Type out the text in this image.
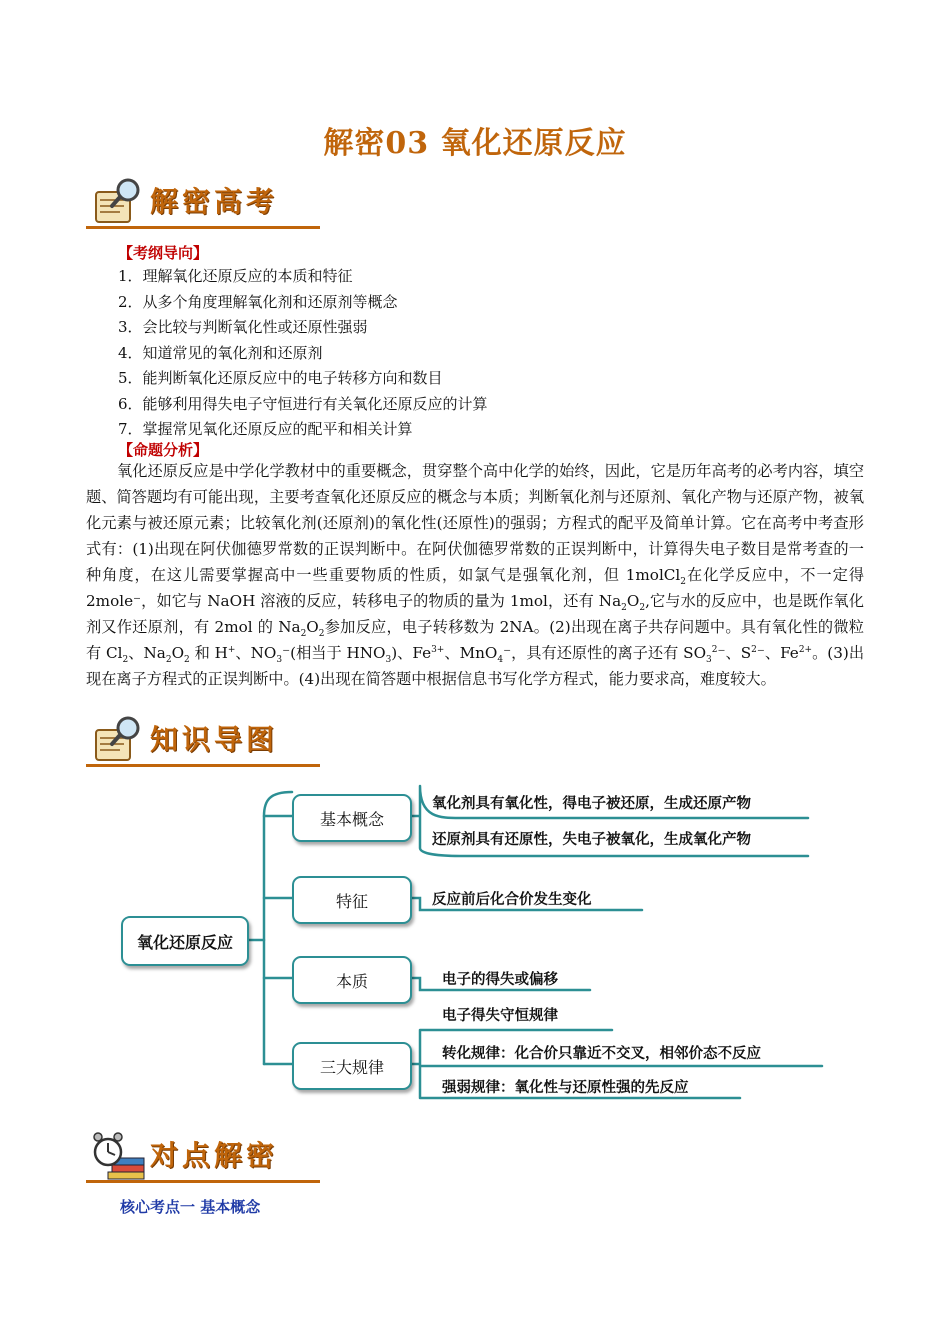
解密03 氧化还原反应
解密高考
【考纲导向】
1．理解氧化还原反应的本质和特征
2．从多个角度理解氧化剂和还原剂等概念
3．会比较与判断氧化性或还原性强弱
4．知道常见的氧化剂和还原剂
5．能判断氧化还原反应中的电子转移方向和数目
6．能够利用得失电子守恒进行有关氧化还原反应的计算
7．掌握常见氧化还原反应的配平和相关计算
【命题分析】

氧化还原反应是中学化学教材中的重要概念，贯穿整个高中化学的始终，因此，它是历年高考的必考内容，填空题、简答题均有可能出现，主要考查氧化还原反应的概念与本质；判断氧化剂与还原剂、氧化产物与还原产物，被氧化元素与被还原元素；比较氧化剂(还原剂)的氧化性(还原性)的强弱；方程式的配平及简单计算。它在高考中考查形式有：(1)出现在阿伏伽德罗常数的正误判断中。在阿伏伽德罗常数的正误判断中，计算得失电子数目是常考查的一种角度，在这儿需要掌握高中一些重要物质的性质，如氯气是强氧化剂，但 1molCl$_2$在化学反应中，不一定得 2mole⁻，如它与 NaOH 溶液的反应，转移电子的物质的量为 1mol，还有 $Na_2O_2$,它与水的反应中，也是既作氧化剂又作还原剂，有 2mol 的 $Na_2O_2$参加反应，电子转移数为 2NA。(2)出现在离子共存问题中。具有氧化性的微粒有 $Cl_2$、$Na_2O_2$ 和 H+、$NO_3^-$(相当于 $HNO_3$)、$Fe^{3+}$、MnO$_4$⁻，具有还原性的离子还有 $SO_3^2^-$、$S^2^-$、$Fe^{2+}$。(3)出现在离子方程式的正误判断中。(4)出现在简答题中根据信息书写化学方程式，能力要求高，难度较大。

知识导图
氧化还原反应
基本概念
特征
本质
三大规律
氧化剂具有氧化性，得电子被还原，生成还原产物
还原剂具有还原性，失电子被氧化，生成氧化产物
反应前后化合价发生变化
电子的得失或偏移
电子得失守恒规律
转化规律：化合价只靠近不交叉，相邻价态不反应
强弱规律：氧化性与还原性强的先反应
对点解密
核心考点一 基本概念
